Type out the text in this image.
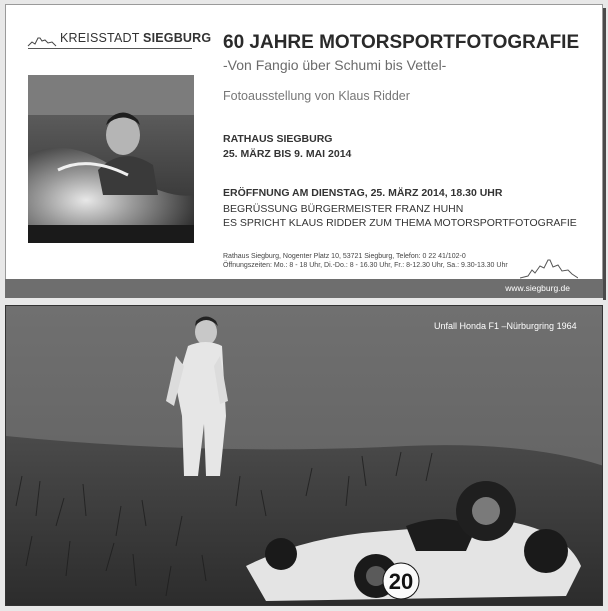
KREISSTADT SIEGBURG 60 JAHRE MOTORSPORTFOTOGRAFIE
-Von Fangio über Schumi bis Vettel-
Fotoausstellung von Klaus Ridder
RATHAUS SIEGBURG
25. MÄRZ BIS 9. MAI 2014
ERÖFFNUNG AM DIENSTAG, 25. MÄRZ 2014, 18.30 UHR
BEGRÜSSUNG BÜRGERMEISTER FRANZ HUHN
ES SPRICHT KLAUS RIDDER ZUM THEMA MOTORSPORTFOTOGRAFIE
Rathaus Siegburg, Nogenter Platz 10, 53721 Siegburg, Telefon: 0 22 41/102-0
Öffnungszeiten: Mo.: 8 - 18 Uhr, Di.-Do.: 8 - 16.30 Uhr, Fr.: 8-12.30 Uhr, Sa.: 9.30-13.30 Uhr
www.siegburg.de
20
Unfall Honda F1 –Nürburgring 1964
